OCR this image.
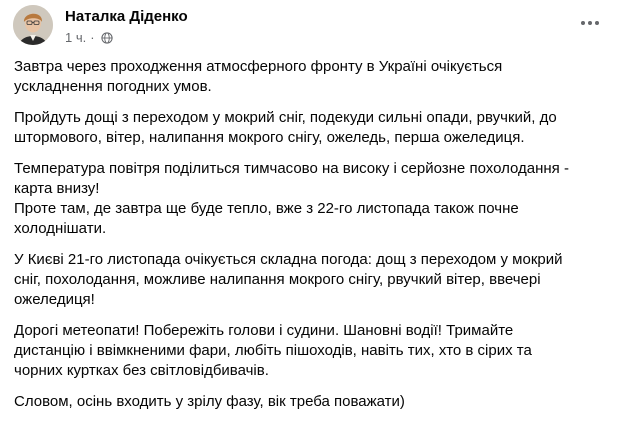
Наталка Діденко
1 ч. ·

Завтра через проходження атмосферного фронту в Україні очікується
ускладнення погодних умов.

Пройдуть дощі з переходом у мокрий сніг, подекуди сильні опади, рвучкий, до
штормового, вітер, налипання мокрого снігу, ожеледь, перша ожеледиця.

Температура повітря поділиться тимчасово на високу і серйозне похолодання -
карта внизу!
Проте там, де завтра ще буде тепло, вже з 22-го листопада також почне
холоднішати.

У Києві 21-го листопада очікується складна погода: дощ з переходом у мокрий
сніг, похолодання, можливе налипання мокрого снігу, рвучкий вітер, ввечері
ожеледиця!

Дорогі метеопати! Побережіть голови і судини. Шановні водії! Тримайте
дистанцію і ввімкненими фари, любіть пішоходів, навіть тих, хто в сірих та
чорних куртках без світловідбивачів.

Словом, осінь входить у зрілу фазу, вік треба поважати)
